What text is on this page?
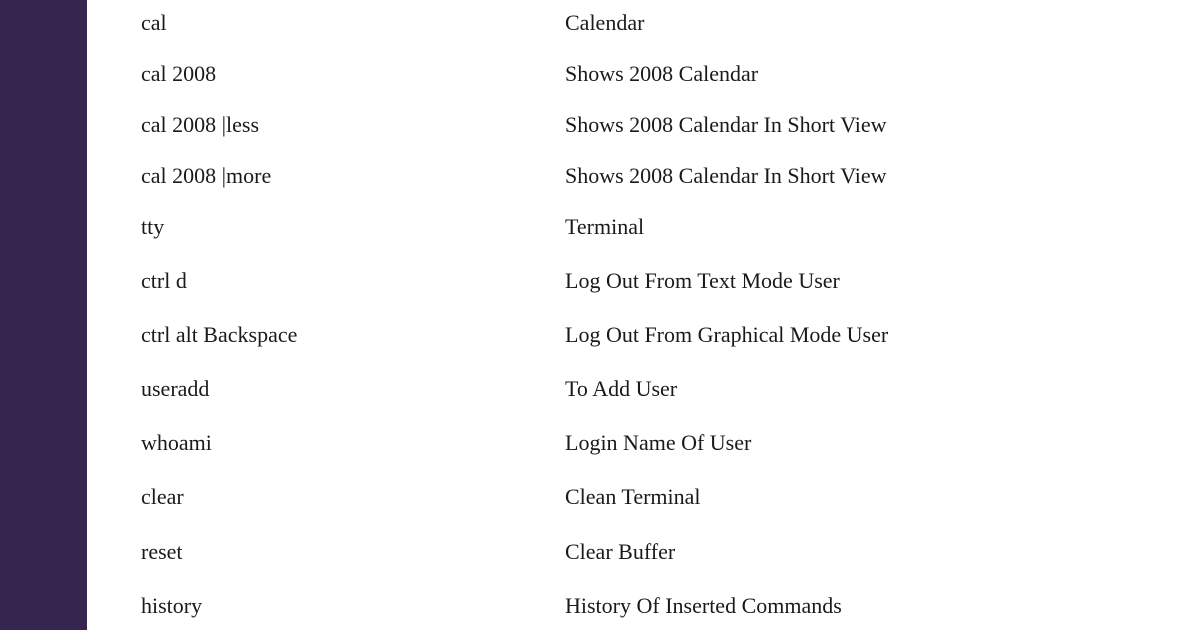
cal	Calendar
cal 2008	Shows 2008 Calendar
cal 2008 |less	Shows 2008 Calendar In Short View
cal 2008 |more	Shows 2008 Calendar In Short View
tty	Terminal
ctrl d	Log Out From Text Mode User
ctrl alt Backspace	Log Out From Graphical Mode User
useradd	To Add User
whoami	Login Name Of User
clear	Clean Terminal
reset	Clear Buffer
history	History Of Inserted Commands
